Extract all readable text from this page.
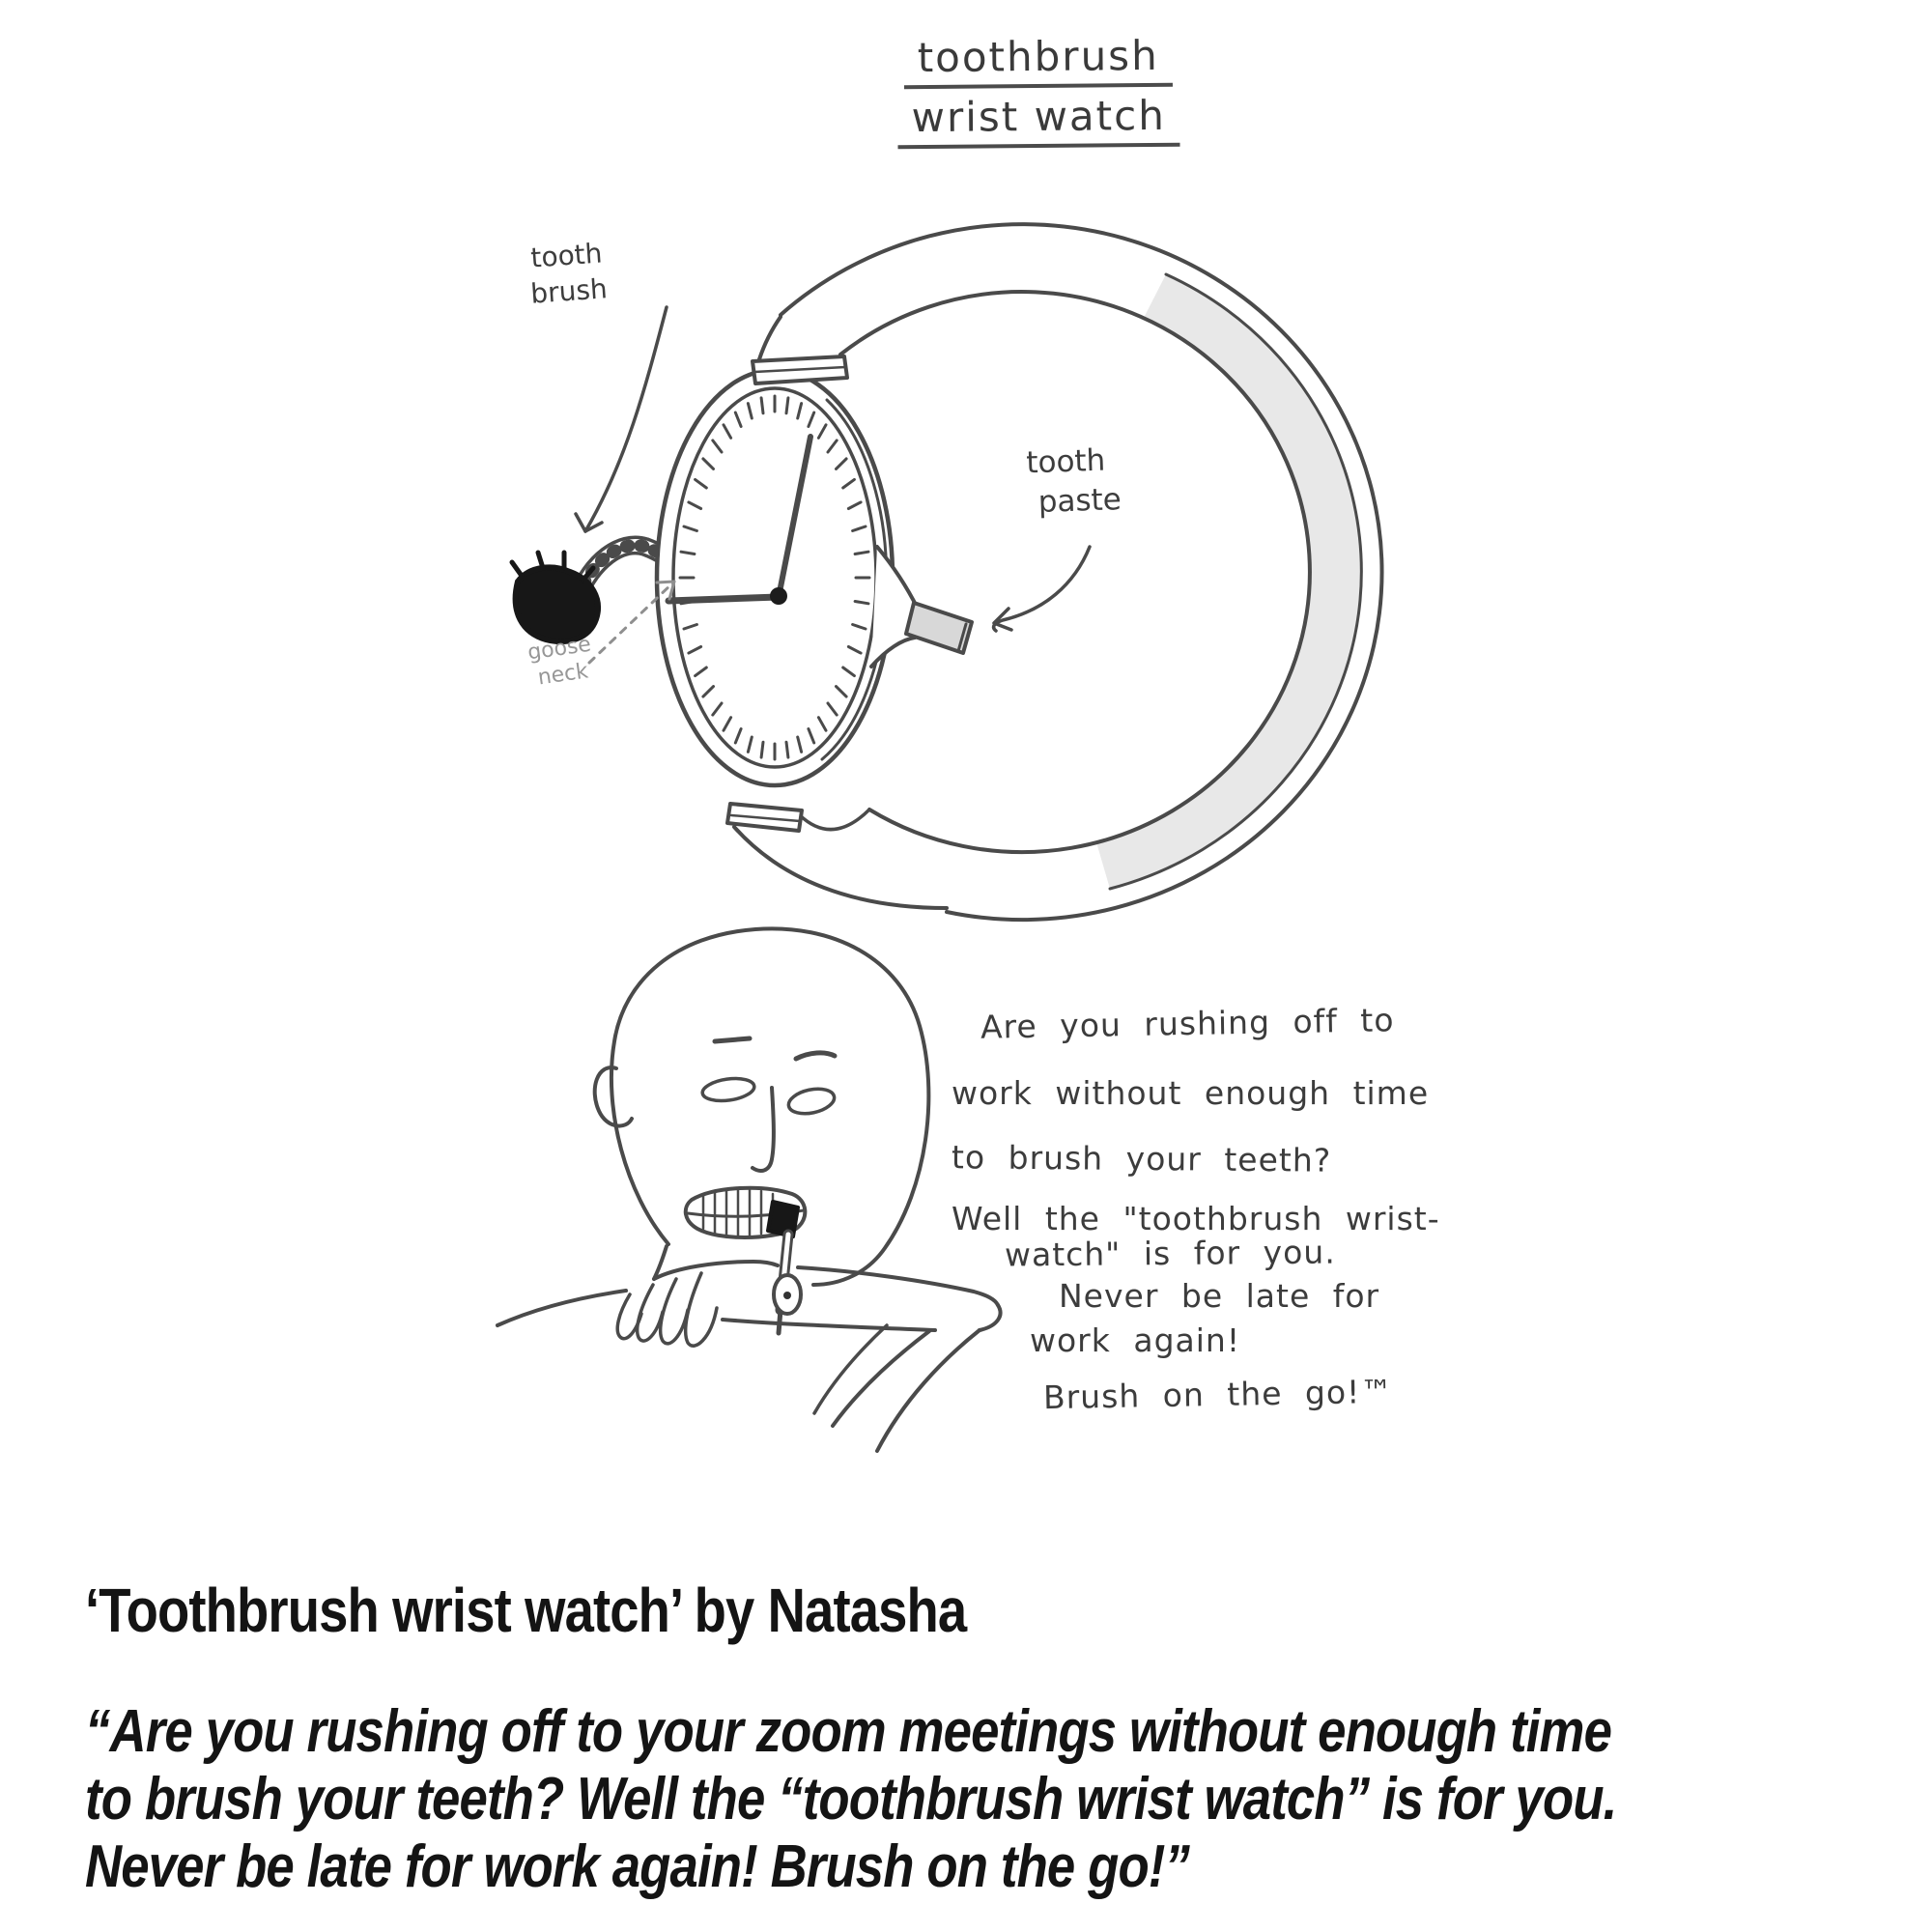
toothbrush
wrist watch
tooth
brush
goose
neck
tooth
paste
Are you rushing off to
work without enough time
to brush your teeth?
Well the "toothbrush wrist-
watch" is for you.
Never be late for
work again!
Brush on the go!™
‘Toothbrush wrist watch’ by Natasha
“Are you rushing off to your zoom meetings without enough time
to brush your teeth? Well the “toothbrush wrist watch” is for you.
Never be late for work again! Brush on the go!”
